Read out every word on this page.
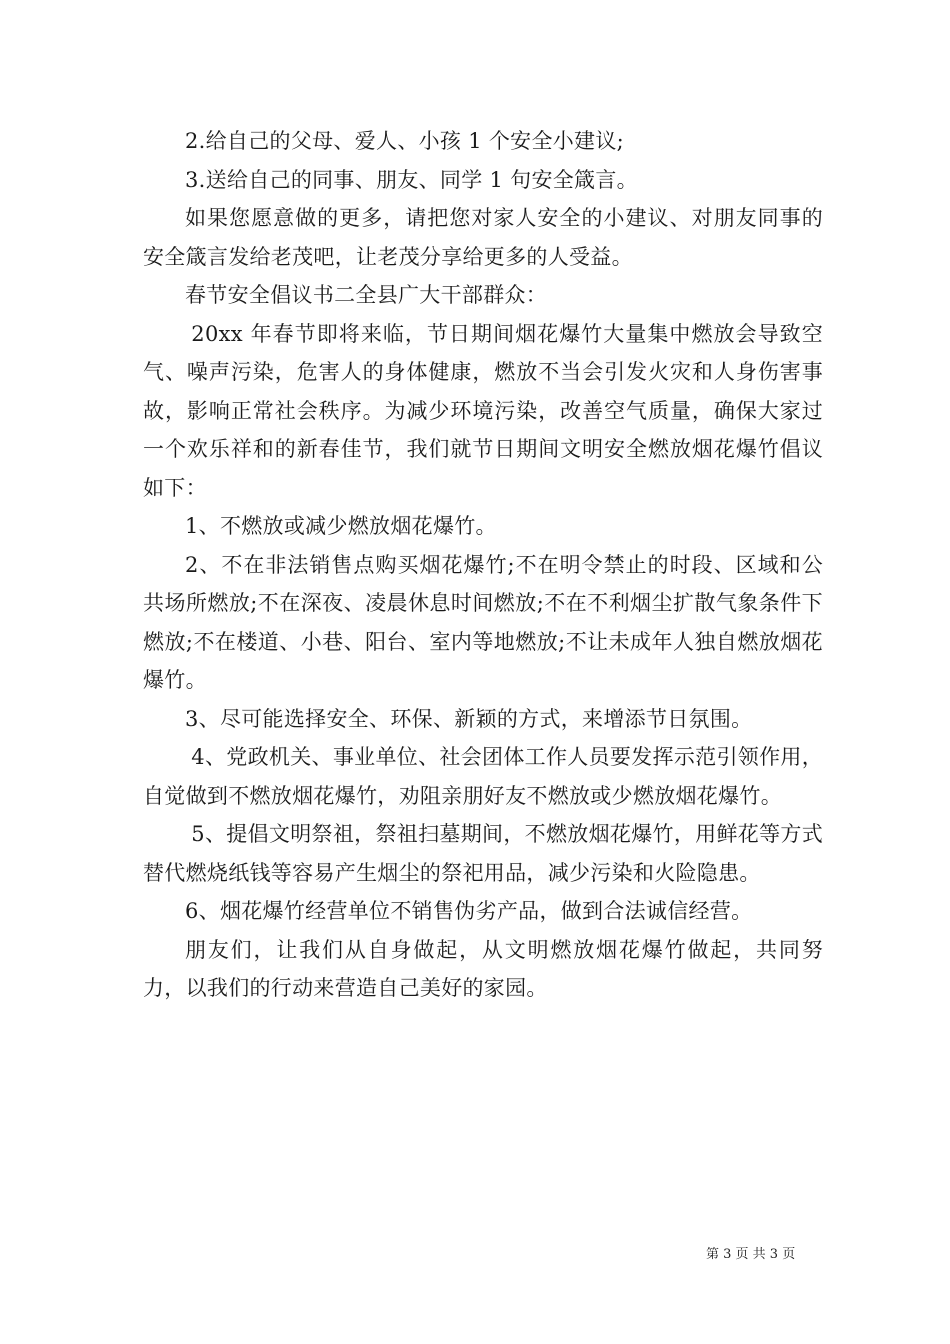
2.给自己的父母、爱人、小孩 1 个安全小建议;

3.送给自己的同事、朋友、同学 1 句安全箴言。

如果您愿意做的更多，请把您对家人安全的小建议、对朋友同事的安全箴言发给老茂吧，让老茂分享给更多的人受益。

春节安全倡议书二全县广大干部群众：

20xx 年春节即将来临，节日期间烟花爆竹大量集中燃放会导致空气、噪声污染，危害人的身体健康，燃放不当会引发火灾和人身伤害事故，影响正常社会秩序。为减少环境污染，改善空气质量，确保大家过一个欢乐祥和的新春佳节，我们就节日期间文明安全燃放烟花爆竹倡议如下：

1、不燃放或减少燃放烟花爆竹。

2、不在非法销售点购买烟花爆竹;不在明令禁止的时段、区域和公共场所燃放;不在深夜、凌晨休息时间燃放;不在不利烟尘扩散气象条件下燃放;不在楼道、小巷、阳台、室内等地燃放;不让未成年人独自燃放烟花爆竹。

3、尽可能选择安全、环保、新颖的方式，来增添节日氛围。

4、党政机关、事业单位、社会团体工作人员要发挥示范引领作用，自觉做到不燃放烟花爆竹，劝阻亲朋好友不燃放或少燃放烟花爆竹。

5、提倡文明祭祖，祭祖扫墓期间，不燃放烟花爆竹，用鲜花等方式替代燃烧纸钱等容易产生烟尘的祭祀用品，减少污染和火险隐患。

6、烟花爆竹经营单位不销售伪劣产品，做到合法诚信经营。

朋友们，让我们从自身做起，从文明燃放烟花爆竹做起，共同努力，以我们的行动来营造自己美好的家园。

第 3 页 共 3 页
